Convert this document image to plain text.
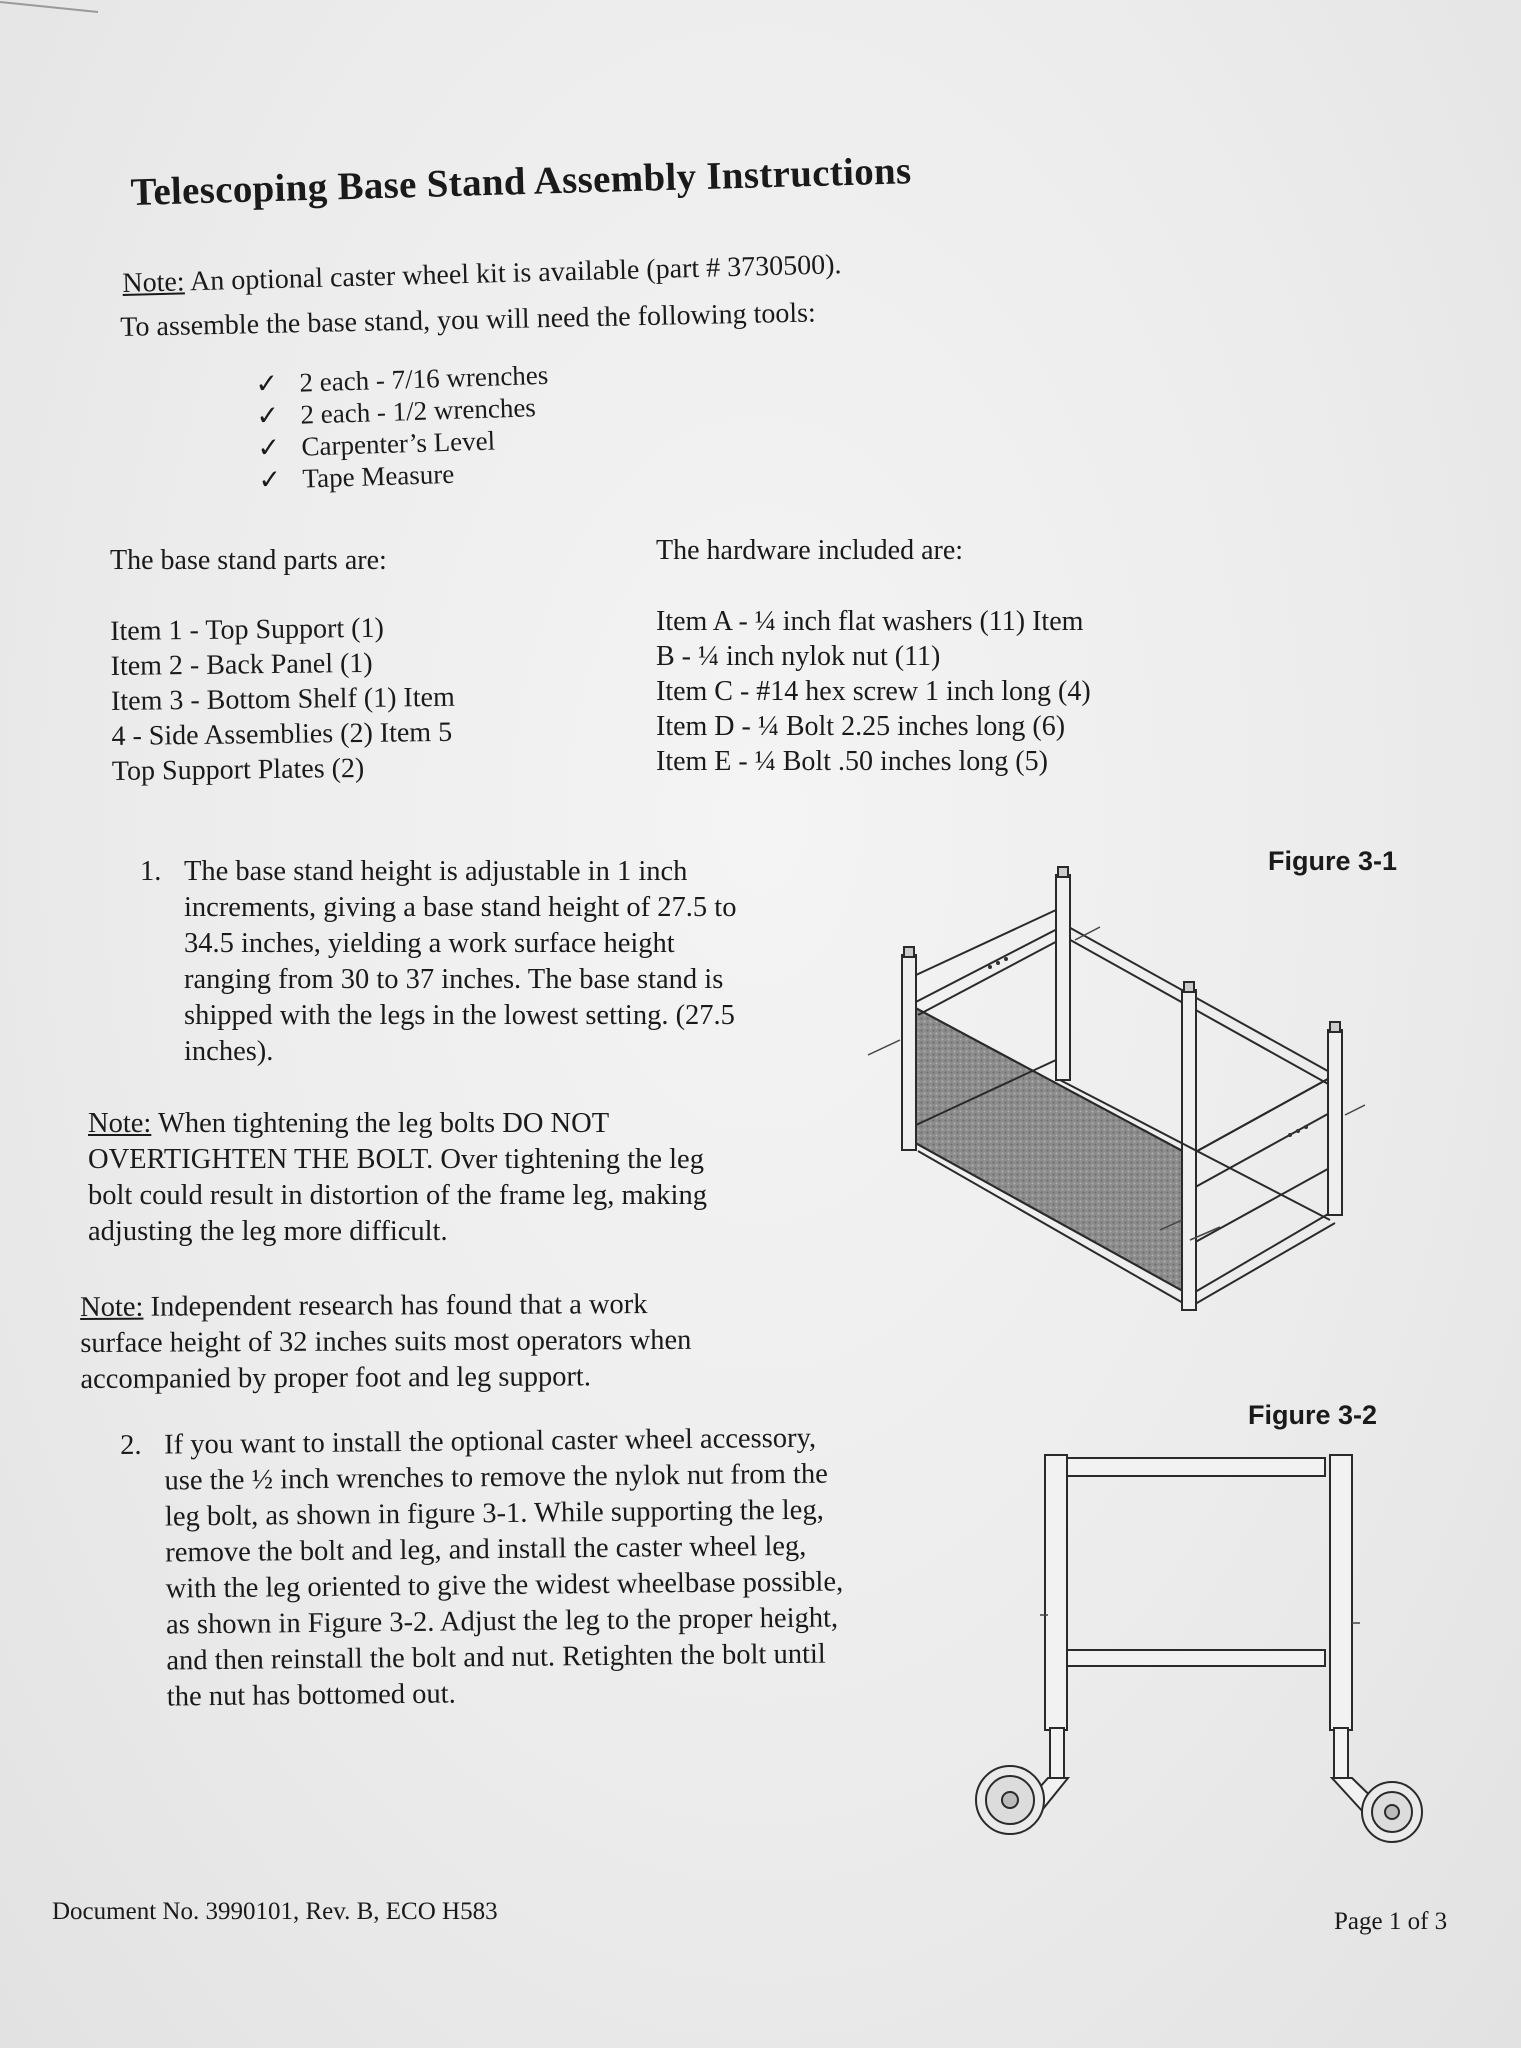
Telescoping Base Stand Assembly Instructions
Note: An optional caster wheel kit is available (part # 3730500).
To assemble the base stand, you will need the following tools:
✓ 2 each - 7/16 wrenches
✓ 2 each - 1/2 wrenches
✓ Carpenter’s Level
✓ Tape Measure
The base stand parts are:	The hardware included are:
Item 1 - Top Support (1)
Item 2 - Back Panel (1)
Item 3 - Bottom Shelf (1) Item
4 - Side Assemblies (2) Item 5
Top Support Plates (2)
Item A - ¼ inch flat washers (11) Item
B - ¼ inch nylok nut (11)
Item C - #14 hex screw 1 inch long (4)
Item D - ¼ Bolt 2.25 inches long (6)
Item E - ¼ Bolt .50 inches long (5)
1. The base stand height is adjustable in 1 inch
increments, giving a base stand height of 27.5 to
34.5 inches, yielding a work surface height
ranging from 30 to 37 inches. The base stand is
shipped with the legs in the lowest setting. (27.5
inches).
Note: When tightening the leg bolts DO NOT
OVERTIGHTEN THE BOLT. Over tightening the leg
bolt could result in distortion of the frame leg, making
adjusting the leg more difficult.
Note: Independent research has found that a work
surface height of 32 inches suits most operators when
accompanied by proper foot and leg support.
2. If you want to install the optional caster wheel accessory,
use the ½ inch wrenches to remove the nylok nut from the
leg bolt, as shown in figure 3-1. While supporting the leg,
remove the bolt and leg, and install the caster wheel leg,
with the leg oriented to give the widest wheelbase possible,
as shown in Figure 3-2. Adjust the leg to the proper height,
and then reinstall the bolt and nut. Retighten the bolt until
the nut has bottomed out.
Figure 3-1
Figure 3-2
Document No. 3990101, Rev. B, ECO H583	Page 1 of 3
